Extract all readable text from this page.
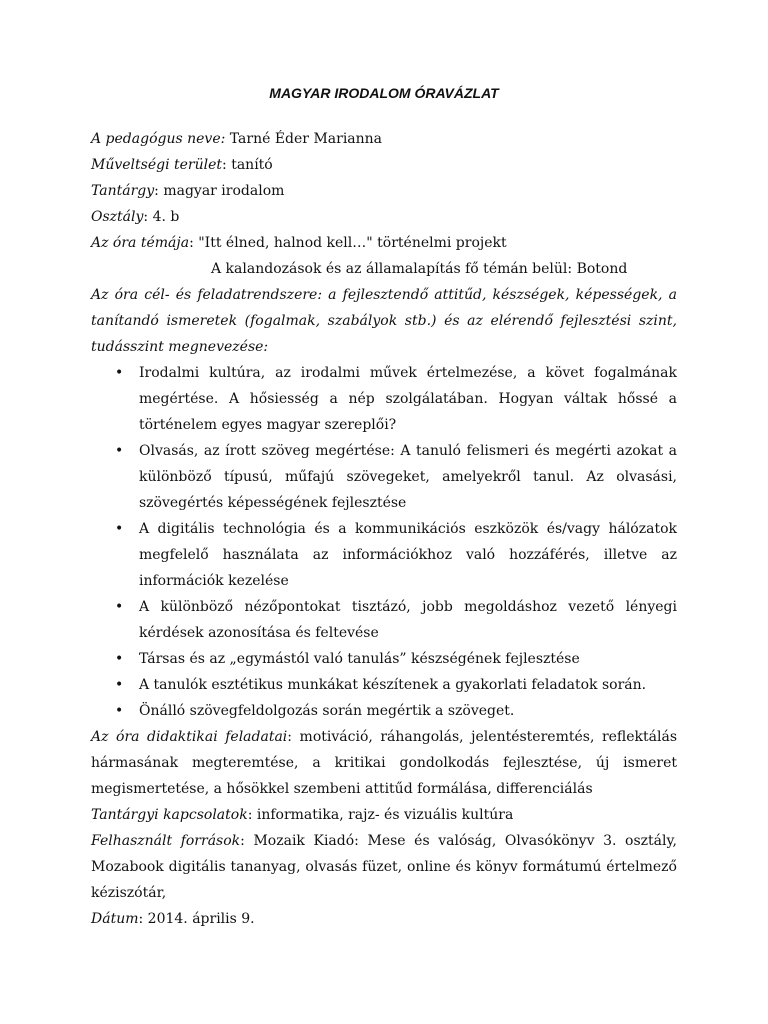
MAGYAR IRODALOM ÓRAVÁZLAT
A pedagógus neve: Tarné Éder Marianna
Műveltségi terület: tanító
Tantárgy: magyar irodalom
Osztály: 4. b
Az óra témája: "Itt élned, halnod kell…" történelmi projekt
A kalandozások és az államalapítás fő témán belül: Botond
Az óra cél- és feladatrendszere: a fejlesztendő attitűd, készségek, képességek, a tanítandó ismeretek (fogalmak, szabályok stb.) és az elérendő fejlesztési szint, tudásszint megnevezése:
• Irodalmi kultúra, az irodalmi művek értelmezése, a követ fogalmának megértése. A hősiesség a nép szolgálatában. Hogyan váltak hőssé a történelem egyes magyar szereplői?
• Olvasás, az írott szöveg megértése: A tanuló felismeri és megérti azokat a különböző típusú, műfajú szövegeket, amelyekről tanul. Az olvasási, szövegértés képességének fejlesztése
• A digitális technológia és a kommunikációs eszközök és/vagy hálózatok megfelelő használata az információkhoz való hozzáférés, illetve az információk kezelése
• A különböző nézőpontokat tisztázó, jobb megoldáshoz vezető lényegi kérdések azonosítása és feltevése
• Társas és az „egymástól való tanulás” készségének fejlesztése
• A tanulók esztétikus munkákat készítenek a gyakorlati feladatok során.
• Önálló szövegfeldolgozás során megértik a szöveget.
Az óra didaktikai feladatai: motiváció, ráhangolás, jelentésteremtés, reflektálás hármasának megteremtése, a kritikai gondolkodás fejlesztése, új ismeret megismertetése, a hősökkel szembeni attitűd formálása, differenciálás
Tantárgyi kapcsolatok: informatika, rajz- és vizuális kultúra
Felhasznált források: Mozaik Kiadó: Mese és valóság, Olvasókönyv 3. osztály, Mozabook digitális tananyag, olvasás füzet, online és könyv formátumú értelmező kéziszótár,
Dátum: 2014. április 9.
